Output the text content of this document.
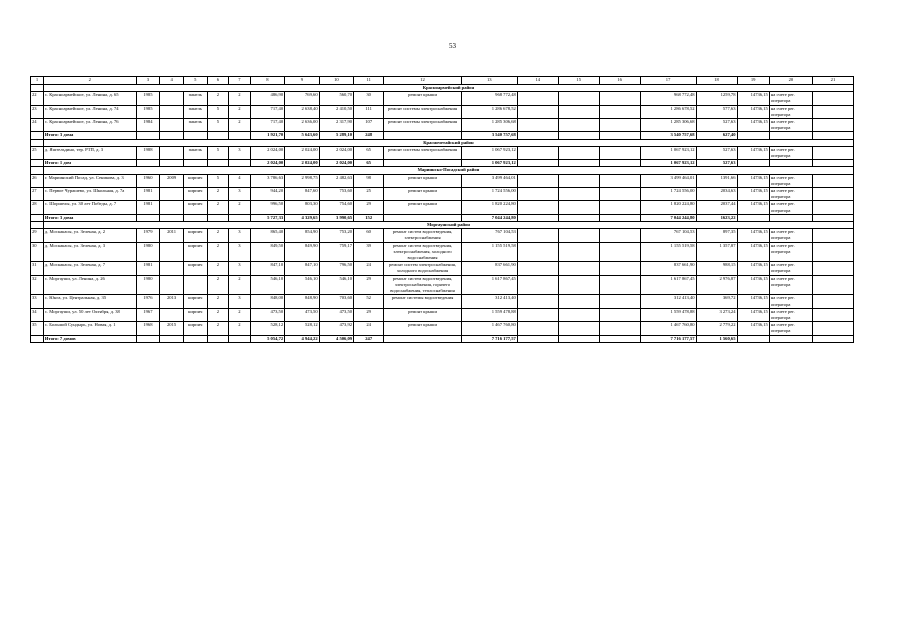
53
1	2	3	4	5	6	7	8	9	10	11	12	13	14	15	16	17	18	19	20	21
	Красноармейский район																			
22	с. Красноармейское, ул. Ленина, д. 65	1985		панель	2	2	486,90	769,60	560,70	30	ремонт крыши	968 772,48				968 772,48	1259,78	14736,15	на счете рег. оператора	
23	с. Красноармейское, ул. Ленина, д. 74	1985		панель	5	2	717,40	2 638,40	2 410,50	111	ремонт системы электроснабжения	1 286 678,52				1 286 678,52	577,63	14736,15	на счете рег. оператора	
24	с. Красноармейское, ул. Ленина, д. 76	1984		панель	5	2	717,40	2 636,00	2 317,90	107	ремонт системы электроснабжения	1 285 306,68				1 285 306,68	527,63	14736,15	на счете рег. оператора	
	Итого: 3 дома						1 921,70	5 643,60	5 289,10	248		3 540 757,68				3 540 757,68	627,40			
	Красночетайский район																			
25	д. Яштельдино, тер. РТП, д. 3	1988		панель	5	3	2 024,00	2 024,00	2 024,00	65	ремонт системы электроснабжения	1 067 923,12				1 067 923,12	527,63	14736,15	на счете рег. оператора	
	Итого: 1 дом						2 024,00	2 024,00	2 024,00	65		1 067 923,12				1 067 923,12	527,63			
	Мариинско-Посадский район																			
26	г. Мариинский Посад, ул. Сеникова, д. 3	1960	2009	кирпич	5	4	3 786,63	2 998,75	2 482,63	98	ремонт крыши	3 499 464,01				3 499 464,01	1391,66	14736,15	на счете рег. оператора	
27	с. Первое Чурашево, ул. Школьная, д. 7а	1981		кирпич	2	3	944,20	847,60	753,60	25	ремонт крыши	1 724 556,00				1 724 556,00	2034,63	14736,15	на счете рег. оператора	
28	с. Шоршелы, ул. 30 лет Победы, д. 7	1981		кирпич	2	2	996,50	803,30	754,60	29	ремонт крыши	1 820 224,80				1 820 224,80	2037,44	14736,15	на счете рег. оператора	
	Итого: 3 дома						5 727,33	4 329,65	3 990,65	152		7 044 244,80				7 044 244,80	1623,22			
	Моргаушский район																			
29	д. Москакасы, ул. Зеленая, д. 2	1979	2011	кирпич	2	3	865,40	854,90	753,20	60	ремонт систем водоотведения, электроснабжения	767 104,53				767 104,53	897,35	14736,15	на счете рег. оператора	
30	д. Москакасы, ул. Зеленая, д. 3	1980		кирпич	2	3	849,50	849,90	759,17	39	ремонт систем водоотведения, электроснабжения, холодного водоснабжения	1 155 519,58				1 155 519,58	1 357,87	14736,15	на счете рег. оператора	
31	д. Москакасы, ул. Зеленая, д. 7	1981		кирпич	2	3	847,10	847,10	796,50	24	ремонт систем электроснабжения, холодного водоснабжения	837 661,90				837 661,90	988,15	14736,15	на счете рег. оператора	
32	с. Моргауши, ул. Ленина, д. 26	1980			2	2	546,10	546,10	546,10	29	ремонт систем водоотведения, электроснабжения, горячего водоснабжения, теплоснабжения	1 617 867,45				1 617 867,45	2 976,87	14736,15	на счете рег. оператора	
33	с. Юнга, ул. Центральная, д. 35	1976	2013	кирпич	2	3	848,00	848,90	703,60	52	ремонт системы водоотведения	312 413,40				312 413,40	369,72	14736,15	на счете рег. оператора	
34	с. Моргауши, ул. 50 лет Октября, д. 38	1967		кирпич	2	2	473,50	473,50	473,50	29	ремонт крыши	1 559 478,88				1 559 478,88	3 273,24	14736,15	на счете рег. оператора	
35	с. Большой Сундырь, ул. Новая, д. 1	1968	2015	кирпич	2	2	528,12	528,12	473,92	24	ремонт крыши	1 467 760,80				1 467 760,80	2 779,22	14736,15	на счете рег. оператора	
	Итого: 7 домов						5 054,72	4 944,22	4 506,09	247		7 716 177,57				7 716 177,57	1 560,65			
